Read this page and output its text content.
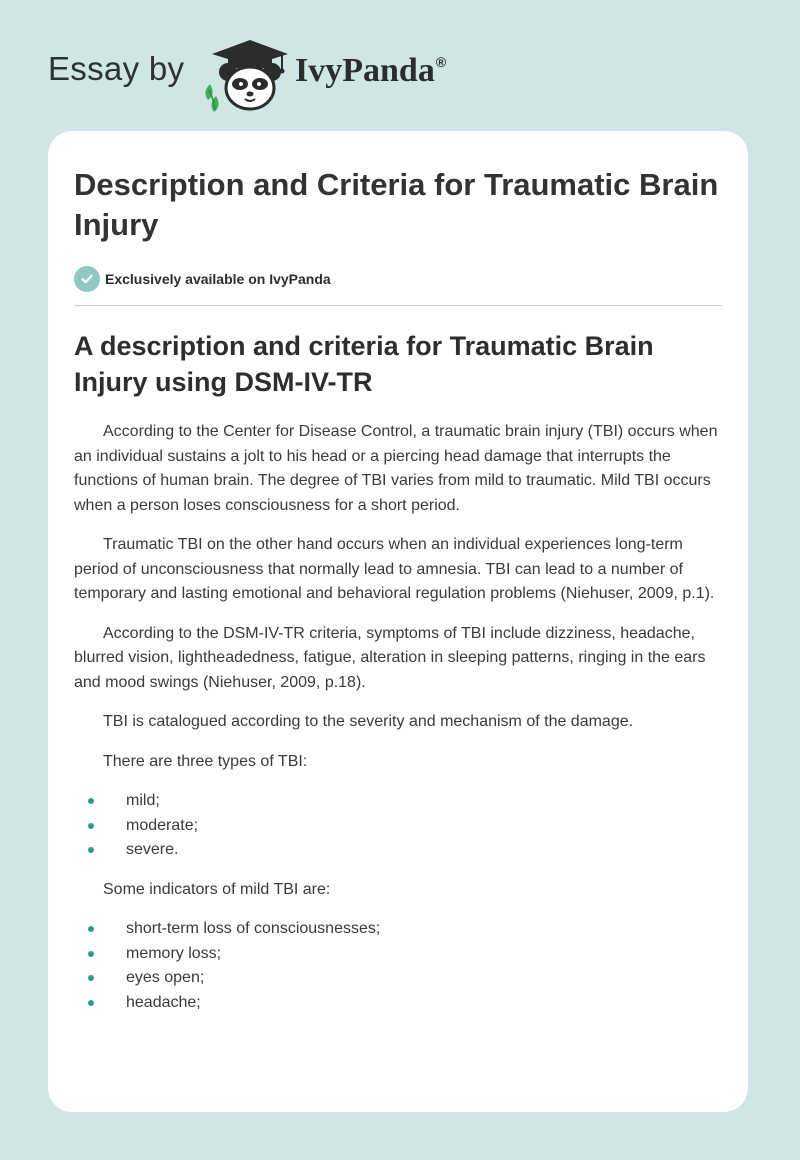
Essay by	IvyPanda®
Description and Criteria for Traumatic Brain Injury
Exclusively available on IvyPanda
A description and criteria for Traumatic Brain Injury using DSM-IV-TR

According to the Center for Disease Control, a traumatic brain injury (TBI) occurs when an individual sustains a jolt to his head or a piercing head damage that interrupts the functions of human brain. The degree of TBI varies from mild to traumatic. Mild TBI occurs when a person loses consciousness for a short period.

Traumatic TBI on the other hand occurs when an individual experiences long-term period of unconsciousness that normally lead to amnesia. TBI can lead to a number of temporary and lasting emotional and behavioral regulation problems (Niehuser, 2009, p.1).

According to the DSM-IV-TR criteria, symptoms of TBI include dizziness, headache, blurred vision, lightheadedness, fatigue, alteration in sleeping patterns, ringing in the ears and mood swings (Niehuser, 2009, p.18).

TBI is catalogued according to the severity and mechanism of the damage.

There are three types of TBI:

mild;
moderate;
severe.

Some indicators of mild TBI are:

short-term loss of consciousnesses;
memory loss;
eyes open;
headache;
